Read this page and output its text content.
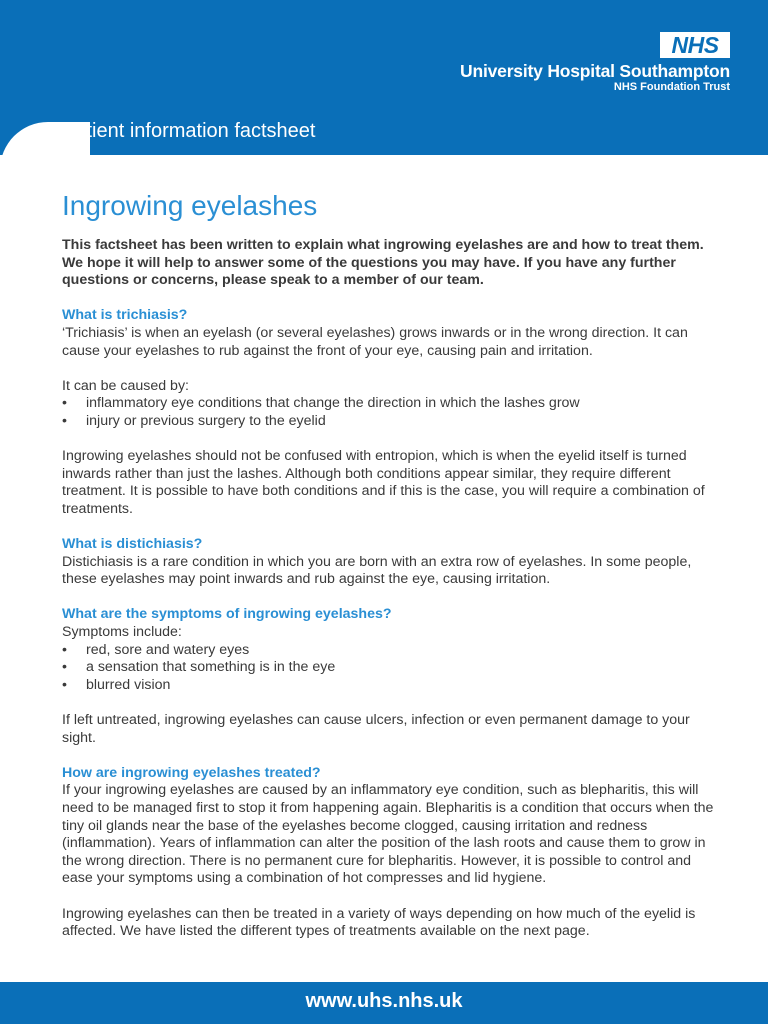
NHS
University Hospital Southampton
NHS Foundation Trust
Patient information factsheet
Ingrowing eyelashes

This factsheet has been written to explain what ingrowing eyelashes are and how to treat them. We hope it will help to answer some of the questions you may have. If you have any further questions or concerns, please speak to a member of our team.

What is trichiasis?

‘Trichiasis’ is when an eyelash (or several eyelashes) grows inwards or in the wrong direction. It can cause your eyelashes to rub against the front of your eye, causing pain and irritation.

It can be caused by:

• inflammatory eye conditions that change the direction in which the lashes grow
• injury or previous surgery to the eyelid

Ingrowing eyelashes should not be confused with entropion, which is when the eyelid itself is turned inwards rather than just the lashes. Although both conditions appear similar, they require different treatment. It is possible to have both conditions and if this is the case, you will require a combination of treatments.

What is distichiasis?

Distichiasis is a rare condition in which you are born with an extra row of eyelashes. In some people, these eyelashes may point inwards and rub against the eye, causing irritation.

What are the symptoms of ingrowing eyelashes?

Symptoms include:

• red, sore and watery eyes
• a sensation that something is in the eye
• blurred vision

If left untreated, ingrowing eyelashes can cause ulcers, infection or even permanent damage to your sight.

How are ingrowing eyelashes treated?

If your ingrowing eyelashes are caused by an inflammatory eye condition, such as blepharitis, this will need to be managed first to stop it from happening again. Blepharitis is a condition that occurs when the tiny oil glands near the base of the eyelashes become clogged, causing irritation and redness (inflammation). Years of inflammation can alter the position of the lash roots and cause them to grow in the wrong direction. There is no permanent cure for blepharitis. However, it is possible to control and ease your symptoms using a combination of hot compresses and lid hygiene.

Ingrowing eyelashes can then be treated in a variety of ways depending on how much of the eyelid is affected. We have listed the different types of treatments available on the next page.

www.uhs.nhs.uk
